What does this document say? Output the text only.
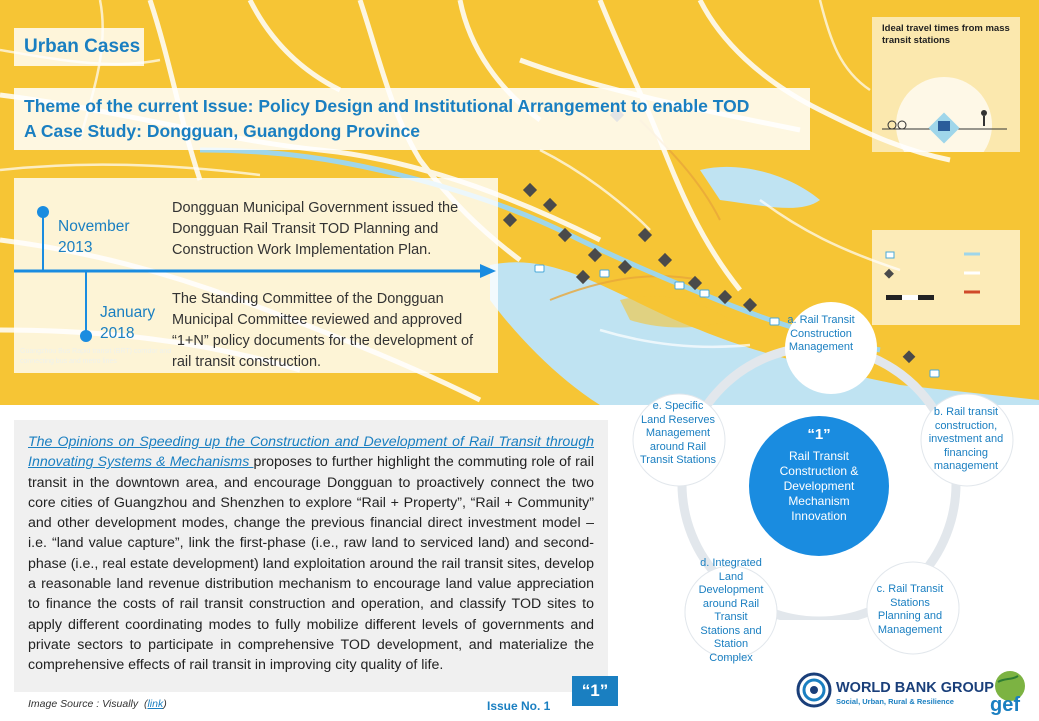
Urban Cases
Theme of the current Issue: Policy Design and Institutional Arrangement to enable TOD
A Case Study: Dongguan, Guangdong Province
November
2013
Dongguan Municipal Government issued the Dongguan Rail Transit TOD Planning and Construction Work Implementation Plan.
January
2018
The Standing Committee of the Dongguan Municipal Committee reviewed and approved “1+N” policy documents for the development of rail transit construction.
Ideal travel times from mass transit stations
The Opinions on Speeding up the Construction and Development of Rail Transit through Innovating Systems & Mechanisms proposes to further highlight the commuting role of rail transit in the downtown area, and encourage Dongguan to proactively connect the two core cities of Guangzhou and Shenzhen to explore “Rail + Property”, “Rail + Community” and other development modes, change the previous financial direct investment model – i.e. “land value capture”, link the first-phase (i.e., raw land to serviced land) and second-phase (i.e., real estate development) land exploitation around the rail transit sites, develop a reasonable land revenue distribution mechanism to encourage land value appreciation to finance the costs of rail transit construction and operation, and classify TOD sites to apply different coordinating modes to fully mobilize different levels of governments and private sectors to participate in comprehensive TOD development, and materialize the comprehensive effects of rail transit in improving city quality of life.
“1”
Rail Transit Construction & Development Mechanism Innovation
a. Rail Transit Construction Management
b. Rail transit construction, investment and financing management
c. Rail Transit Stations Planning and Management
d. Integrated Land Development around Rail Transit Stations and Station Complex
e. Specific Land Reserves Management around Rail Transit Stations
Image Source : Visually  (link)	Issue No. 1
“1”	WORLD BANK GROUP
Social, Urban, Rural & Resilience gef
